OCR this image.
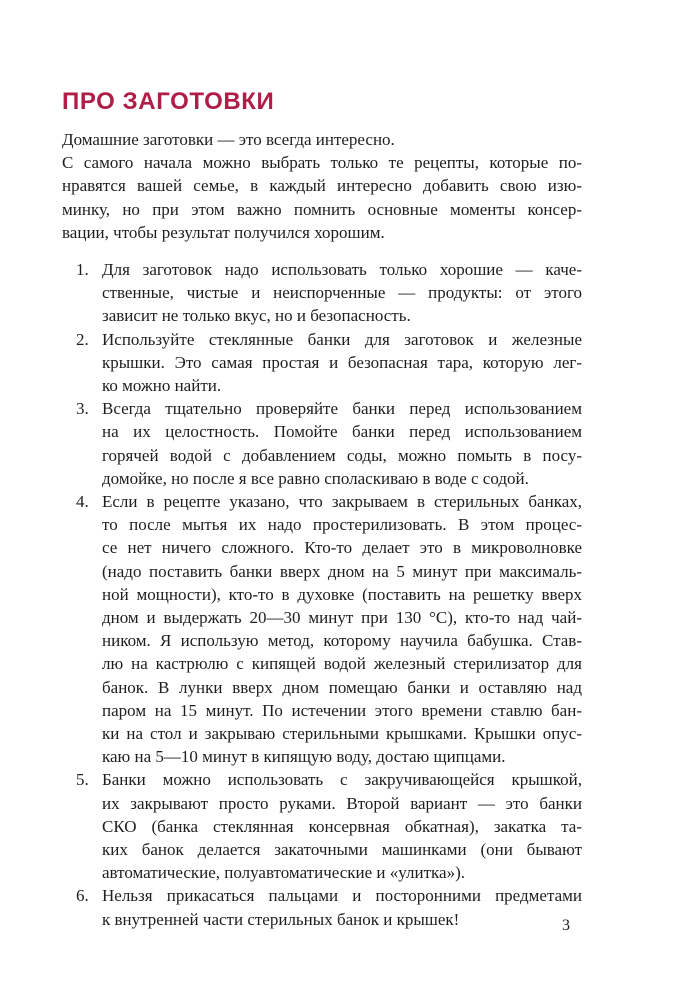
ПРО ЗАГОТОВКИ
Домашние заготовки — это всегда интересно.
С самого начала можно выбрать только те рецепты, которые по-
нравятся вашей семье, в каждый интересно добавить свою изю-
минку, но при этом важно помнить основные моменты консер-
вации, чтобы результат получился хорошим.
1. Для заготовок надо использовать только хорошие — каче-
ственные, чистые и неиспорченные — продукты: от этого
зависит не только вкус, но и безопасность.
2. Используйте стеклянные банки для заготовок и железные
крышки. Это самая простая и безопасная тара, которую лег-
ко можно найти.
3. Всегда тщательно проверяйте банки перед использованием
на их целостность. Помойте банки перед использованием
горячей водой с добавлением соды, можно помыть в посу-
домойке, но после я все равно споласкиваю в воде с содой.
4. Если в рецепте указано, что закрываем в стерильных банках,
то после мытья их надо простерилизовать. В этом процес-
се нет ничего сложного. Кто-то делает это в микроволновке
(надо поставить банки вверх дном на 5 минут при максималь-
ной мощности), кто-то в духовке (поставить на решетку вверх
дном и выдержать 20—30 минут при 130 °С), кто-то над чай-
ником. Я использую метод, которому научила бабушка. Став-
лю на кастрюлю с кипящей водой железный стерилизатор для
банок. В лунки вверх дном помещаю банки и оставляю над
паром на 15 минут. По истечении этого времени ставлю бан-
ки на стол и закрываю стерильными крышками. Крышки опус-
каю на 5—10 минут в кипящую воду, достаю щипцами.
5. Банки можно использовать с закручивающейся крышкой,
их закрывают просто руками. Второй вариант — это банки
СКО (банка стеклянная консервная обкатная), закатка та-
ких банок делается закаточными машинками (они бывают
автоматические, полуавтоматические и «улитка»).
6. Нельзя прикасаться пальцами и посторонними предметами
к внутренней части стерильных банок и крышек!	3
